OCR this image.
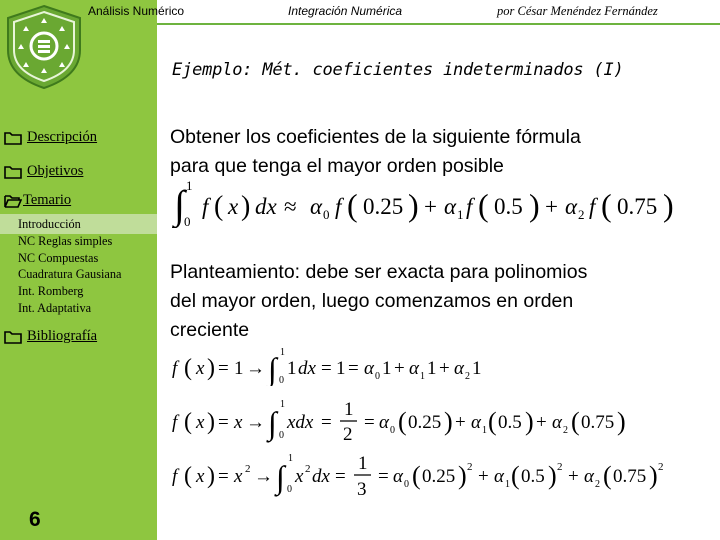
Análisis Numérico	Integración Numérica	por César Menéndez Fernández
Ejemplo: Mét. coeficientes indeterminados (I)
Descripción
Objetivos
Temario
Introducción
NC Reglas simples
NC Compuestas
Cuadratura Gausiana
Int. Romberg
Int. Adaptativa
Bibliografía
6
Obtener los coeficientes de la siguiente fórmula
para que tenga el mayor orden posible
∫ 1
0
f ( x ) dx ≈ α 0 f ( 0.25 ) + α 1 f ( 0.5 ) + α 2 f ( 0.75 )
Planteamiento: debe ser exacta para polinomios
del mayor orden, luego comenzamos en orden
creciente
f ( x ) = 1 → ∫ 1
0
1 dx = 1 = α 0 1 + α 1 1 + α 2 1
f ( x ) = x → ∫
1
0
xdx =
1
2
= α 0 ( 0.25 ) + α 1 ( 0.5 ) + α 2 ( 0.75 )
f ( x ) = x 2 → ∫
1
0
x 2 dx =
1
3
= α 0 ( 0.25 ) 2 + α 1 ( 0.5 ) 2 + α 2 ( 0.75 ) 2
